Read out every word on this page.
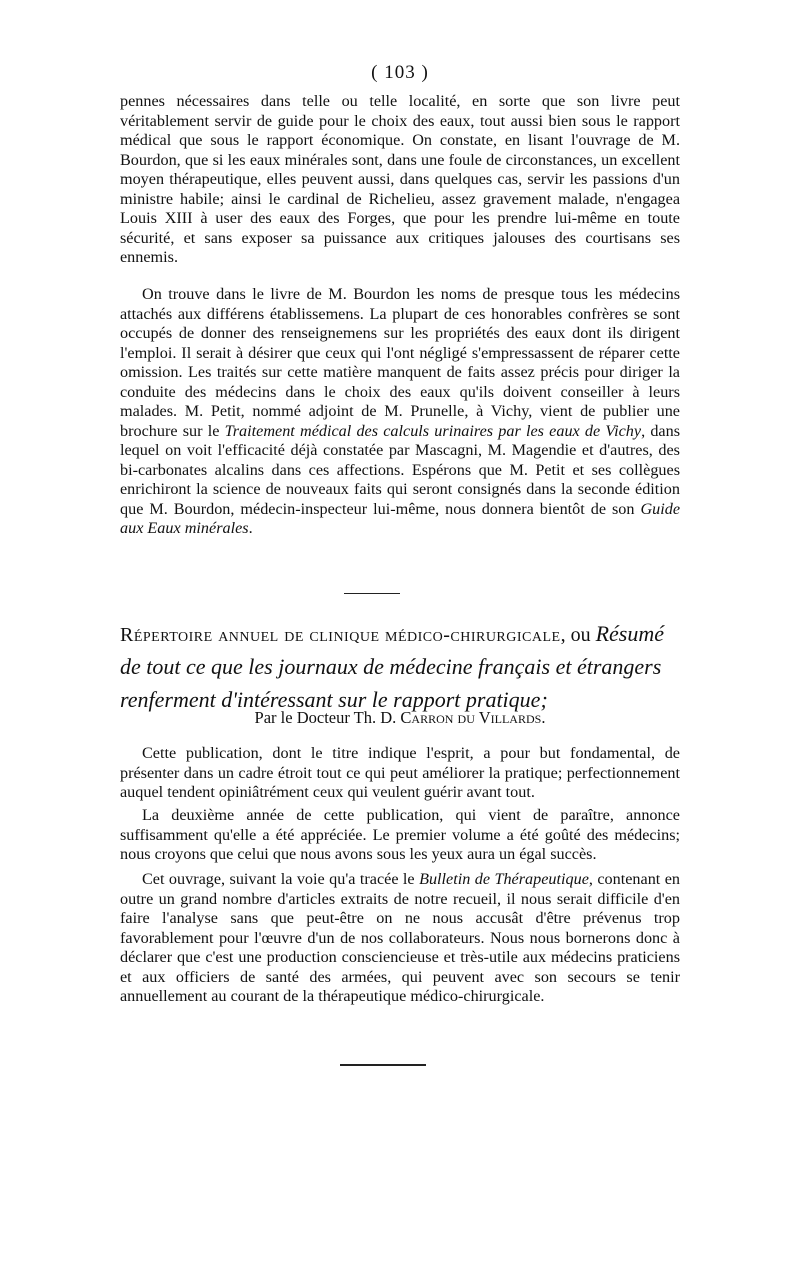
( 103 )

pennes nécessaires dans telle ou telle localité, en sorte que son livre peut véritablement servir de guide pour le choix des eaux, tout aussi bien sous le rapport médical que sous le rapport économique. On constate, en lisant l'ouvrage de M. Bourdon, que si les eaux minérales sont, dans une foule de circonstances, un excellent moyen thérapeutique, elles peuvent aussi, dans quelques cas, servir les passions d'un ministre habile; ainsi le cardinal de Richelieu, assez gravement malade, n'engagea Louis XIII à user des eaux des Forges, que pour les prendre lui-même en toute sécurité, et sans exposer sa puissance aux critiques jalouses des courtisans ses ennemis.

On trouve dans le livre de M. Bourdon les noms de presque tous les médecins attachés aux différens établissemens. La plupart de ces honorables confrères se sont occupés de donner des renseignemens sur les propriétés des eaux dont ils dirigent l'emploi. Il serait à désirer que ceux qui l'ont négligé s'empressassent de réparer cette omission. Les traités sur cette matière manquent de faits assez précis pour diriger la conduite des médecins dans le choix des eaux qu'ils doivent conseiller à leurs malades. M. Petit, nommé adjoint de M. Prunelle, à Vichy, vient de publier une brochure sur le Traitement médical des calculs urinaires par les eaux de Vichy, dans lequel on voit l'efficacité déjà constatée par Mascagni, M. Magendie et d'autres, des bi-carbonates alcalins dans ces affections. Espérons que M. Petit et ses collègues enrichiront la science de nouveaux faits qui seront consignés dans la seconde édition que M. Bourdon, médecin-inspecteur lui-même, nous donnera bientôt de son Guide aux Eaux minérales.

Répertoire annuel de clinique médico-chirurgicale, ou Résumé de tout ce que les journaux de médecine français et étrangers renferment d'intéressant sur le rapport pratique;

Par le Docteur Th. D. Carron du Villards.

Cette publication, dont le titre indique l'esprit, a pour but fondamental, de présenter dans un cadre étroit tout ce qui peut améliorer la pratique; perfectionnement auquel tendent opiniâtrément ceux qui veulent guérir avant tout.

La deuxième année de cette publication, qui vient de paraître, annonce suffisamment qu'elle a été appréciée. Le premier volume a été goûté des médecins; nous croyons que celui que nous avons sous les yeux aura un égal succès.

Cet ouvrage, suivant la voie qu'a tracée le Bulletin de Thérapeutique, contenant en outre un grand nombre d'articles extraits de notre recueil, il nous serait difficile d'en faire l'analyse sans que peut-être on ne nous accusât d'être prévenus trop favorablement pour l'œuvre d'un de nos collaborateurs. Nous nous bornerons donc à déclarer que c'est une production consciencieuse et très-utile aux médecins praticiens et aux officiers de santé des armées, qui peuvent avec son secours se tenir annuellement au courant de la thérapeutique médico-chirurgicale.
